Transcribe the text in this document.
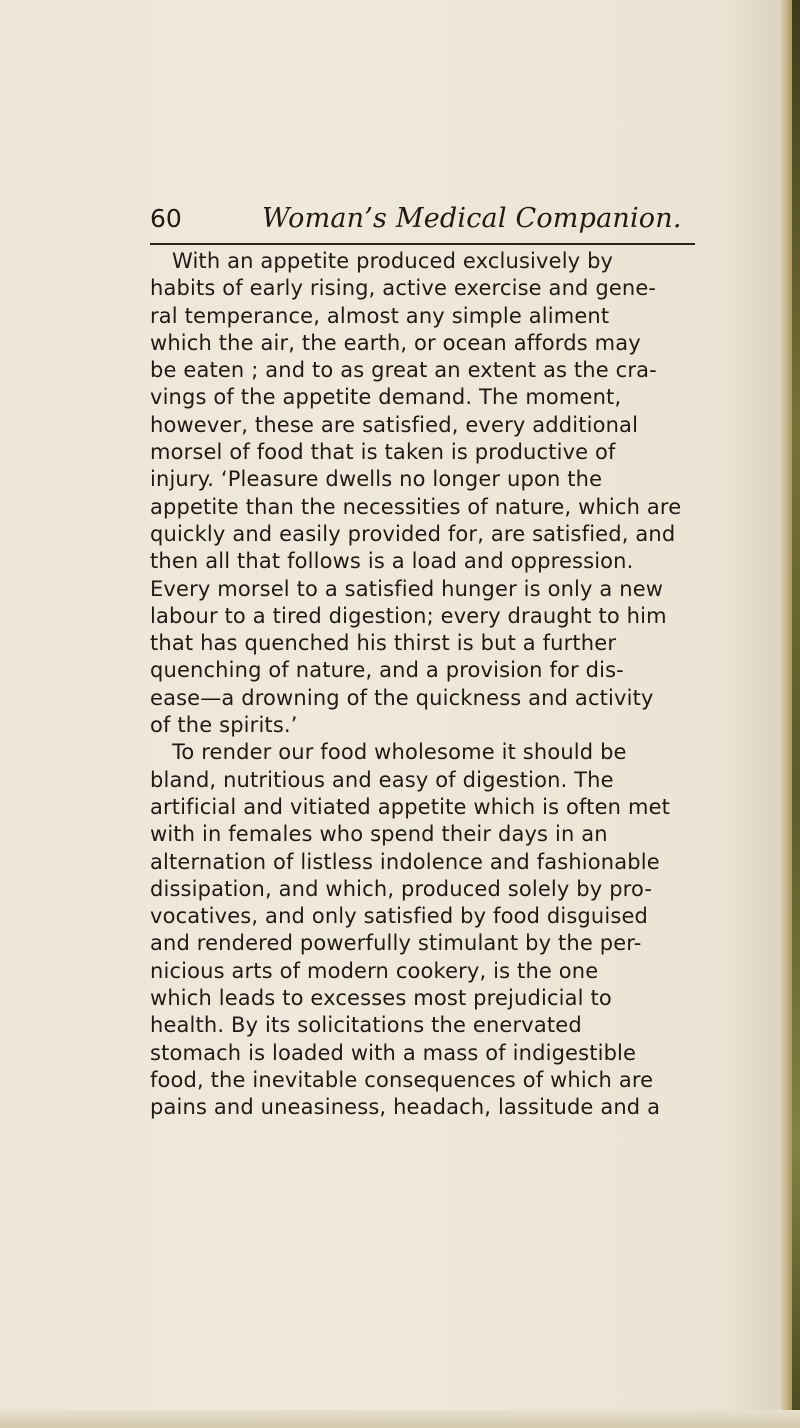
60	Woman’s Medical Companion.
With an appetite produced exclusively by
habits of early rising, active exercise and gene-
ral temperance, almost any simple aliment
which the air, the earth, or ocean affords may
be eaten ; and to as great an extent as the cra-
vings of the appetite demand. The moment,
however, these are satisfied, every additional
morsel of food that is taken is productive of
injury. ‘Pleasure dwells no longer upon the
appetite than the necessities of nature, which are
quickly and easily provided for, are satisfied, and
then all that follows is a load and oppression.
Every morsel to a satisfied hunger is only a new
labour to a tired digestion; every draught to him
that has quenched his thirst is but a further
quenching of nature, and a provision for dis-
ease—a drowning of the quickness and activity
of the spirits.’
To render our food wholesome it should be
bland, nutritious and easy of digestion. The
artificial and vitiated appetite which is often met
with in females who spend their days in an
alternation of listless indolence and fashionable
dissipation, and which, produced solely by pro-
vocatives, and only satisfied by food disguised
and rendered powerfully stimulant by the per-
nicious arts of modern cookery, is the one
which leads to excesses most prejudicial to
health. By its solicitations the enervated
stomach is loaded with a mass of indigestible
food, the inevitable consequences of which are
pains and uneasiness, headach, lassitude and a
